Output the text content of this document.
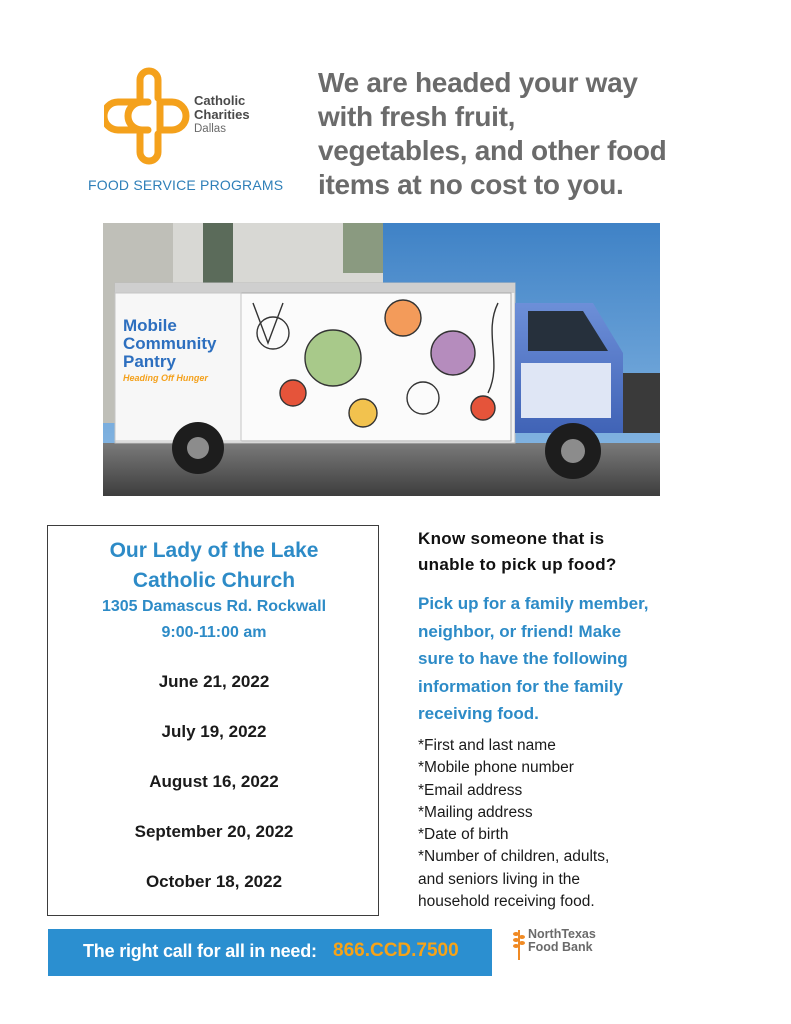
Catholic
Charities
Dallas
FOOD SERVICE PROGRAMS
We are headed your way
with fresh fruit,
vegetables, and other food
items at no cost to you.
Mobile
Community
Pantry
Heading Off Hunger
Our Lady of the Lake
Catholic Church
1305 Damascus Rd. Rockwall
9:00-11:00 am
June 21, 2022
July 19, 2022
August 16, 2022
September 20, 2022
October 18, 2022
Know someone that is
unable to pick up food?
Pick up for a family member,
neighbor, or friend! Make
sure to have the following
information for the family
receiving food.
*First and last name
*Mobile phone number
*Email address
*Mailing address
*Date of birth
*Number of children, adults,
and seniors living in the
household receiving food.
The right call for all in need: 866.CCD.7500
NorthTexas
Food Bank
